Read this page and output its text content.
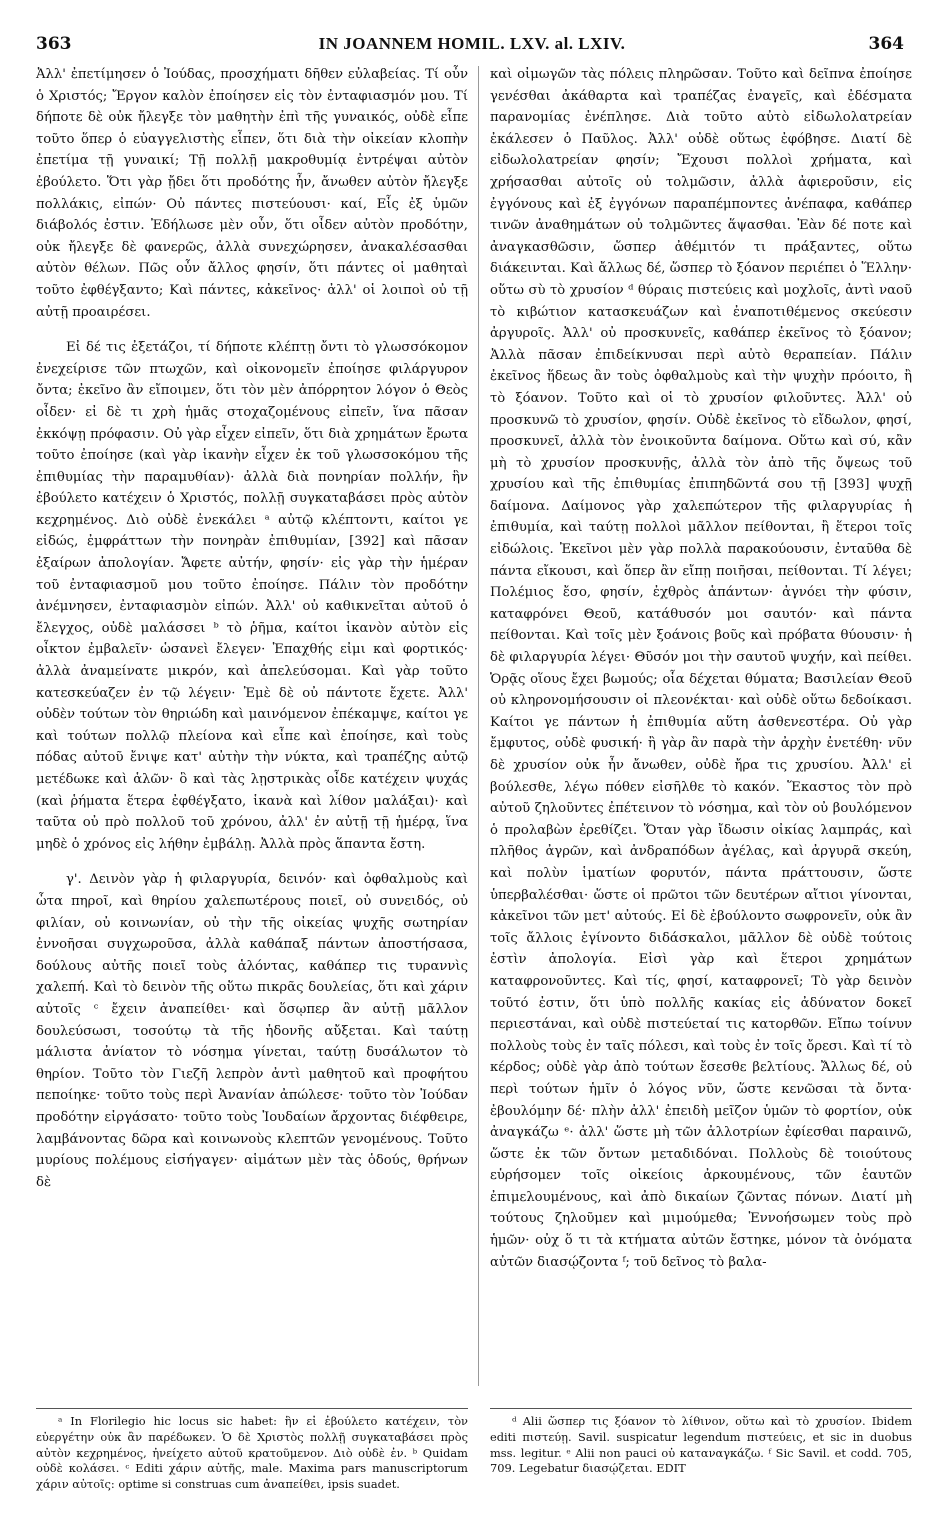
363	IN JOANNEM HOMIL. LXV. al. LXIV.	364

Ἀλλ' ἐπετίμησεν ὁ Ἰούδας, προσχήματι δῆθεν εὐλαβείας. Τί οὖν ὁ Χριστός; Ἔργον καλὸν ἐποίησεν εἰς τὸν ἐνταφιασμόν μου. Τί δήποτε δὲ οὐκ ἤλεγξε τὸν μαθητὴν ἐπὶ τῆς γυναικός, οὐδὲ εἶπε τοῦτο ὅπερ ὁ εὐαγγελιστὴς εἶπεν, ὅτι διὰ τὴν οἰκείαν κλοπὴν ἐπετίμα τῇ γυναικί; Τῇ πολλῇ μακροθυμίᾳ ἐντρέψαι αὐτὸν ἐβούλετο. Ὅτι γὰρ ᾔδει ὅτι προδότης ἦν, ἄνωθεν αὐτὸν ἤλεγξε πολλάκις, εἰπών· Οὐ πάντες πιστεύουσι· καί, Εἷς ἐξ ὑμῶν διάβολός ἐστιν. Ἐδήλωσε μὲν οὖν, ὅτι οἶδεν αὐτὸν προδότην, οὐκ ἤλεγξε δὲ φανερῶς, ἀλλὰ συνεχώρησεν, ἀνακαλέσασθαι αὐτὸν θέλων. Πῶς οὖν ἄλλος φησίν, ὅτι πάντες οἱ μαθηταὶ τοῦτο ἐφθέγξαντο; Καὶ πάντες, κἀκεῖνος· ἀλλ' οἱ λοιποὶ οὐ τῇ αὐτῇ προαιρέσει.

Εἰ δέ τις ἐξετάζοι, τί δήποτε κλέπτῃ ὄντι τὸ γλωσσόκομον ἐνεχείρισε τῶν πτωχῶν, καὶ οἰκονομεῖν ἐποίησε φιλάργυρον ὄντα; ἐκεῖνο ἂν εἴποιμεν, ὅτι τὸν μὲν ἀπόρρητον λόγον ὁ Θεὸς οἶδεν· εἰ δὲ τι χρὴ ἡμᾶς στοχαζομένους εἰπεῖν, ἵνα πᾶσαν ἐκκόψῃ πρόφασιν. Οὐ γὰρ εἶχεν εἰπεῖν, ὅτι διὰ χρημάτων ἔρωτα τοῦτο ἐποίησε (καὶ γὰρ ἱκανὴν εἶχεν ἐκ τοῦ γλωσσοκόμου τῆς ἐπιθυμίας τὴν παραμυθίαν)· ἀλλὰ διὰ πονηρίαν πολλήν, ἣν ἐβούλετο κατέχειν ὁ Χριστός, πολλῇ συγκαταβάσει πρὸς αὐτὸν κεχρημένος. Διὸ οὐδὲ ἐνεκάλει ᵃ αὐτῷ κλέπτοντι, καίτοι γε εἰδώς, ἐμφράττων τὴν πονηρὰν ἐπιθυμίαν, [392] καὶ πᾶσαν ἐξαίρων ἀπολογίαν. Ἄφετε αὐτήν, φησίν· εἰς γὰρ τὴν ἡμέραν τοῦ ἐνταφιασμοῦ μου τοῦτο ἐποίησε. Πάλιν τὸν προδότην ἀνέμνησεν, ἐνταφιασμὸν εἰπών. Ἀλλ' οὐ καθικνεῖται αὐτοῦ ὁ ἔλεγχος, οὐδὲ μαλάσσει ᵇ τὸ ῥῆμα, καίτοι ἱκανὸν αὐτὸν εἰς οἶκτον ἐμβαλεῖν· ὡσανεὶ ἔλεγεν· Ἐπαχθής εἰμι καὶ φορτικός· ἀλλὰ ἀναμείνατε μικρόν, καὶ ἀπελεύσομαι. Καὶ γὰρ τοῦτο κατεσκεύαζεν ἐν τῷ λέγειν· Ἐμὲ δὲ οὐ πάντοτε ἔχετε. Ἀλλ' οὐδὲν τούτων τὸν θηριώδη καὶ μαινόμενον ἐπέκαμψε, καίτοι γε καὶ τούτων πολλῷ πλείονα καὶ εἶπε καὶ ἐποίησε, καὶ τοὺς πόδας αὐτοῦ ἔνιψε κατ' αὐτὴν τὴν νύκτα, καὶ τραπέζης αὐτῷ μετέδωκε καὶ ἁλῶν· ὃ καὶ τὰς λῃστρικὰς οἶδε κατέχειν ψυχάς (καὶ ῥήματα ἕτερα ἐφθέγξατο, ἱκανὰ καὶ λίθον μαλάξαι)· καὶ ταῦτα οὐ πρὸ πολλοῦ τοῦ χρόνου, ἀλλ' ἐν αὐτῇ τῇ ἡμέρᾳ, ἵνα μηδὲ ὁ χρόνος εἰς λήθην ἐμβάλῃ. Ἀλλὰ πρὸς ἅπαντα ἔστη.

γ'. Δεινὸν γὰρ ἡ φιλαργυρία, δεινόν· καὶ ὀφθαλμοὺς καὶ ὦτα πηροῖ, καὶ θηρίου χαλεπωτέρους ποιεῖ, οὐ συνειδός, οὐ φιλίαν, οὐ κοινωνίαν, οὐ τὴν τῆς οἰκείας ψυχῆς σωτηρίαν ἐννοῆσαι συγχωροῦσα, ἀλλὰ καθάπαξ πάντων ἀποστήσασα, δούλους αὐτῆς ποιεῖ τοὺς ἁλόντας, καθάπερ τις τυραννὶς χαλεπή. Καὶ τὸ δεινὸν τῆς οὕτω πικρᾶς δουλείας, ὅτι καὶ χάριν αὐτοῖς ᶜ ἔχειν ἀναπείθει· καὶ ὅσῳπερ ἂν αὐτῇ μᾶλλον δουλεύσωσι, τοσούτῳ τὰ τῆς ἡδονῆς αὔξεται. Καὶ ταύτῃ μάλιστα ἀνίατον τὸ νόσημα γίνεται, ταύτῃ δυσάλωτον τὸ θηρίον. Τοῦτο τὸν Γιεζῆ λεπρὸν ἀντὶ μαθητοῦ καὶ προφήτου πεποίηκε· τοῦτο τοὺς περὶ Ἀνανίαν ἀπώλεσε· τοῦτο τὸν Ἰούδαν προδότην εἰργάσατο· τοῦτο τοὺς Ἰουδαίων ἄρχοντας διέφθειρε, λαμβάνοντας δῶρα καὶ κοινωνοὺς κλεπτῶν γενομένους. Τοῦτο μυρίους πολέμους εἰσήγαγεν· αἱμάτων μὲν τὰς ὁδούς, θρήνων δὲ

καὶ οἰμωγῶν τὰς πόλεις πληρῶσαν. Τοῦτο καὶ δεῖπνα ἐποίησε γενέσθαι ἀκάθαρτα καὶ τραπέζας ἐναγεῖς, καὶ ἐδέσματα παρανομίας ἐνέπλησε. Διὰ τοῦτο αὐτὸ εἰδωλολατρείαν ἐκάλεσεν ὁ Παῦλος. Ἀλλ' οὐδὲ οὕτως ἐφόβησε. Διατί δὲ εἰδωλολατρείαν φησίν; Ἔχουσι πολλοὶ χρήματα, καὶ χρήσασθαι αὐτοῖς οὐ τολμῶσιν, ἀλλὰ ἀφιεροῦσιν, εἰς ἐγγόνους καὶ ἐξ ἐγγόνων παραπέμποντες ἀνέπαφα, καθάπερ τινῶν ἀναθημάτων οὐ τολμῶντες ἅψασθαι. Ἐὰν δέ ποτε καὶ ἀναγκασθῶσιν, ὥσπερ ἀθέμιτόν τι πράξαντες, οὕτω διάκεινται. Καὶ ἄλλως δέ, ὥσπερ τὸ ξόανον περιέπει ὁ Ἕλλην· οὕτω σὺ τὸ χρυσίον ᵈ θύραις πιστεύεις καὶ μοχλοῖς, ἀντὶ ναοῦ τὸ κιβώτιον κατασκευάζων καὶ ἐναποτιθέμενος σκεύεσιν ἀργυροῖς. Ἀλλ' οὐ προσκυνεῖς, καθάπερ ἐκεῖνος τὸ ξόανον; Ἀλλὰ πᾶσαν ἐπιδείκνυσαι περὶ αὐτὸ θεραπείαν. Πάλιν ἐκεῖνος ἥδεως ἂν τοὺς ὀφθαλμοὺς καὶ τὴν ψυχὴν πρόοιτο, ἢ τὸ ξόανον. Τοῦτο καὶ οἱ τὸ χρυσίον φιλοῦντες. Ἀλλ' οὐ προσκυνῶ τὸ χρυσίον, φησίν. Οὐδὲ ἐκεῖνος τὸ εἴδωλον, φησί, προσκυνεῖ, ἀλλὰ τὸν ἐνοικοῦντα δαίμονα. Οὕτω καὶ σύ, κἂν μὴ τὸ χρυσίον προσκυνῇς, ἀλλὰ τὸν ἀπὸ τῆς ὄψεως τοῦ χρυσίου καὶ τῆς ἐπιθυμίας ἐπιπηδῶντά σου τῇ [393] ψυχῇ δαίμονα. Δαίμονος γὰρ χαλεπώτερον τῆς φιλαργυρίας ἡ ἐπιθυμία, καὶ ταύτῃ πολλοὶ μᾶλλον πείθονται, ἢ ἕτεροι τοῖς εἰδώλοις. Ἐκεῖνοι μὲν γὰρ πολλὰ παρακούουσιν, ἐνταῦθα δὲ πάντα εἴκουσι, καὶ ὅπερ ἂν εἴπῃ ποιῆσαι, πείθονται. Τί λέγει; Πολέμιος ἔσο, φησίν, ἐχθρὸς ἁπάντων· ἀγνόει τὴν φύσιν, καταφρόνει Θεοῦ, κατάθυσόν μοι σαυτόν· καὶ πάντα πείθονται. Καὶ τοῖς μὲν ξοάνοις βοῦς καὶ πρόβατα θύουσιν· ἡ δὲ φιλαργυρία λέγει· Θῦσόν μοι τὴν σαυτοῦ ψυχήν, καὶ πείθει. Ὁρᾷς οἵους ἔχει βωμούς; οἷα δέχεται θύματα; Βασιλείαν Θεοῦ οὐ κληρονομήσουσιν οἱ πλεονέκται· καὶ οὐδὲ οὕτω δεδοίκασι. Καίτοι γε πάντων ἡ ἐπιθυμία αὕτη ἀσθενεστέρα. Οὐ γὰρ ἔμφυτος, οὐδὲ φυσική· ἢ γὰρ ἂν παρὰ τὴν ἀρχὴν ἐνετέθη· νῦν δὲ χρυσίον οὐκ ἦν ἄνωθεν, οὐδὲ ἤρα τις χρυσίου. Ἀλλ' εἰ βούλεσθε, λέγω πόθεν εἰσῆλθε τὸ κακόν. Ἕκαστος τὸν πρὸ αὐτοῦ ζηλοῦντες ἐπέτεινον τὸ νόσημα, καὶ τὸν οὐ βουλόμενον ὁ προλαβὼν ἐρεθίζει. Ὅταν γὰρ ἴδωσιν οἰκίας λαμπράς, καὶ πλῆθος ἀγρῶν, καὶ ἀνδραπόδων ἀγέλας, καὶ ἀργυρᾶ σκεύη, καὶ πολὺν ἱματίων φορυτόν, πάντα πράττουσιν, ὥστε ὑπερβαλέσθαι· ὥστε οἱ πρῶτοι τῶν δευτέρων αἴτιοι γίνονται, κἀκεῖνοι τῶν μετ' αὐτούς. Εἰ δὲ ἐβούλοντο σωφρονεῖν, οὐκ ἂν τοῖς ἄλλοις ἐγίνοντο διδάσκαλοι, μᾶλλον δὲ οὐδὲ τούτοις ἐστὶν ἀπολογία. Εἰσὶ γὰρ καὶ ἕτεροι χρημάτων καταφρονοῦντες. Καὶ τίς, φησί, καταφρονεῖ; Τὸ γὰρ δεινὸν τοῦτό ἐστιν, ὅτι ὑπὸ πολλῆς κακίας εἰς ἀδύνατον δοκεῖ περιεστάναι, καὶ οὐδὲ πιστεύεταί τις κατορθῶν. Εἴπω τοίνυν πολλοὺς τοὺς ἐν ταῖς πόλεσι, καὶ τοὺς ἐν τοῖς ὄρεσι. Καὶ τί τὸ κέρδος; οὐδὲ γὰρ ἀπὸ τούτων ἔσεσθε βελτίους. Ἄλλως δέ, οὐ περὶ τούτων ἡμῖν ὁ λόγος νῦν, ὥστε κενῶσαι τὰ ὄντα· ἐβουλόμην δέ· πλὴν ἀλλ' ἐπειδὴ μεῖζον ὑμῶν τὸ φορτίον, οὐκ ἀναγκάζω ᵉ· ἀλλ' ὥστε μὴ τῶν ἀλλοτρίων ἐφίεσθαι παραινῶ, ὥστε ἐκ τῶν ὄντων μεταδιδόναι. Πολλοὺς δὲ τοιούτους εὑρήσομεν τοῖς οἰκείοις ἀρκουμένους, τῶν ἑαυτῶν ἐπιμελουμένους, καὶ ἀπὸ δικαίων ζῶντας πόνων. Διατί μὴ τούτους ζηλοῦμεν καὶ μιμούμεθα; Ἐννοήσωμεν τοὺς πρὸ ἡμῶν· οὐχ ὅ τι τὰ κτήματα αὐτῶν ἔστηκε, μόνον τὰ ὀνόματα αὐτῶν διασῴζοντα ᶠ; τοῦ δεῖνος τὸ βαλα-

ᵃ In Florilegio hic locus sic habet: ἣν εἰ ἐβούλετο κατέχειν, τὸν εὐεργέτην οὐκ ἂν παρέδωκεν. Ὁ δὲ Χριστὸς πολλῇ συγκαταβάσει πρὸς αὐτὸν κεχρημένος, ἠνείχετο αὐτοῦ κρατοῦμενον. Διὸ οὐδὲ ἐν. ᵇ Quidam οὐδὲ κολάσει. ᶜ Editi χάριν αὐτῆς, male. Maxima pars manuscriptorum χάριν αὐτοῖς: optime si construas cum ἀναπείθει, ipsis suadet.

ᵈ Alii ὥσπερ τις ξόανον τὸ λίθινον, οὕτω καὶ τὸ χρυσίον. Ibidem editi πιστεύῃ. Savil. suspicatur legendum πιστεύεις, et sic in duobus mss. legitur. ᵉ Alii non pauci οὐ καταναγκάζω. ᶠ Sic Savil. et codd. 705, 709. Legebatur διασῴζεται. EDIT
